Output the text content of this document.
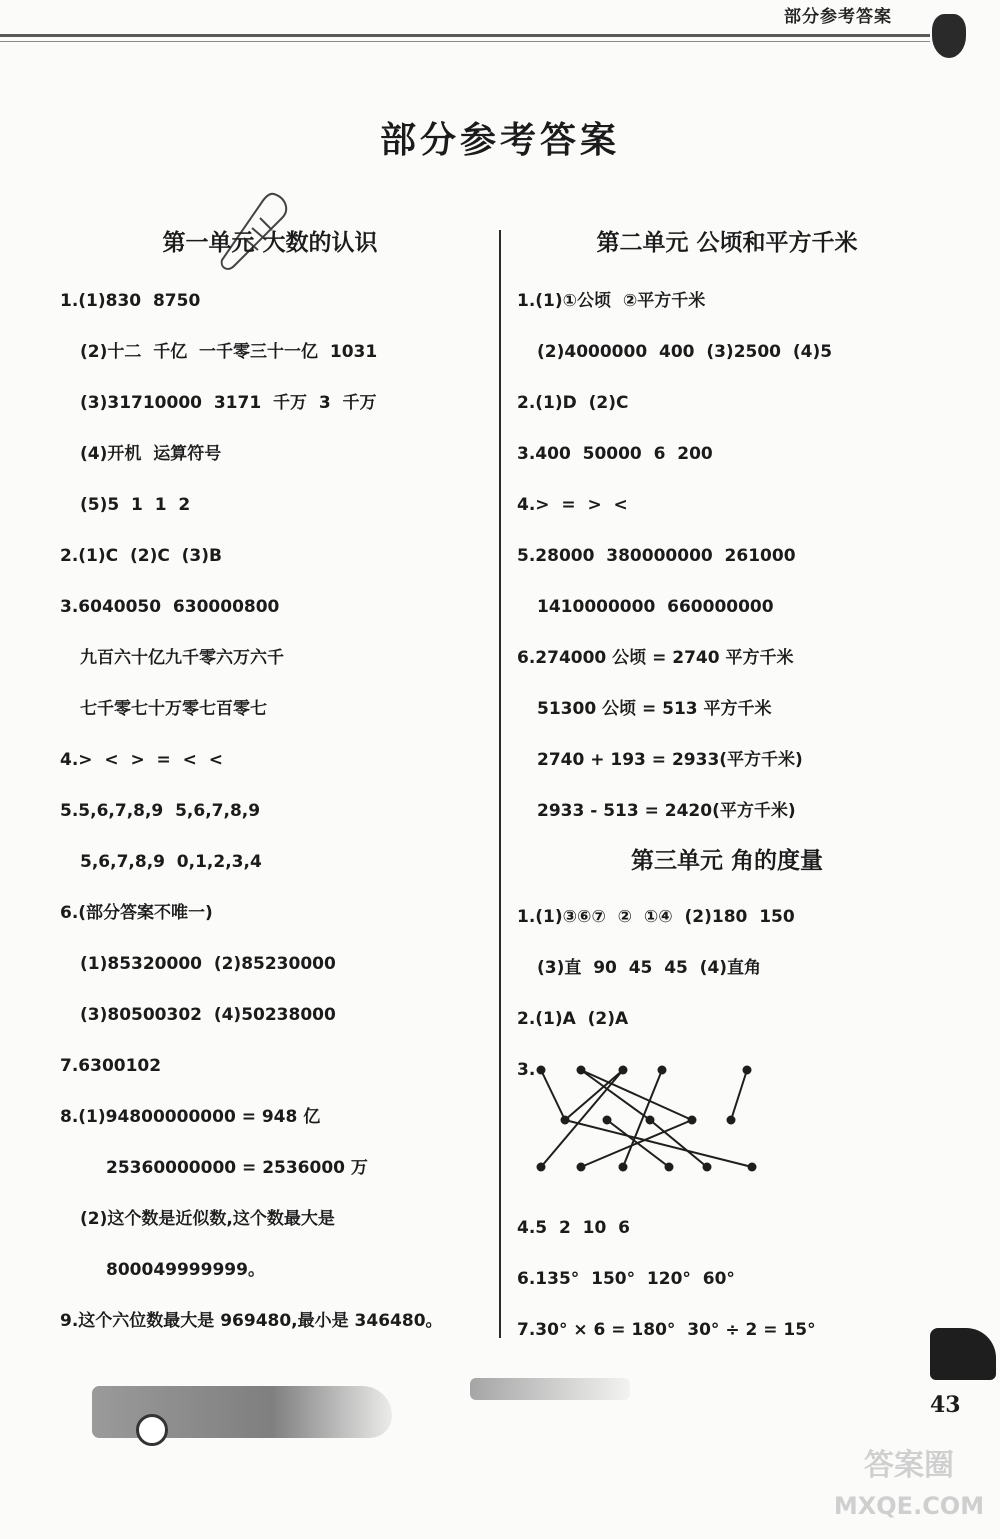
部分参考答案
部分参考答案
第一单元 大数的认识
1.(1)830  8750
(2)十二  千亿  一千零三十一亿  1031
(3)31710000  3171  千万  3  千万
(4)开机  运算符号
(5)5  1  1  2
2.(1)C  (2)C  (3)B
3.6040050  630000800
九百六十亿九千零六万六千
七千零七十万零七百零七
4.>  <  >  =  <  <
5.5,6,7,8,9  5,6,7,8,9
5,6,7,8,9  0,1,2,3,4
6.(部分答案不唯一)
(1)85320000  (2)85230000
(3)80500302  (4)50238000
7.6300102
8.(1)94800000000 = 948 亿
25360000000 = 2536000 万
(2)这个数是近似数,这个数最大是
800049999999。
9.这个六位数最大是 969480,最小是 346480。
第二单元 公顷和平方千米
1.(1)①公顷  ②平方千米
(2)4000000  400  (3)2500  (4)5
2.(1)D  (2)C
3.400  50000  6  200
4.>  =  >  <
5.28000  380000000  261000
1410000000  660000000
6.274000 公顷 = 2740 平方千米
51300 公顷 = 513 平方千米
2740 + 193 = 2933(平方千米)
2933 - 513 = 2420(平方千米)
第三单元 角的度量
1.(1)③⑥⑦  ②  ①④  (2)180  150
(3)直  90  45  45  (4)直角
2.(1)A  (2)A
3.
4.5  2  10  6
6.135°  150°  120°  60°
7.30° × 6 = 180°  30° ÷ 2 = 15°
43
答案圈
MXQE.COM
